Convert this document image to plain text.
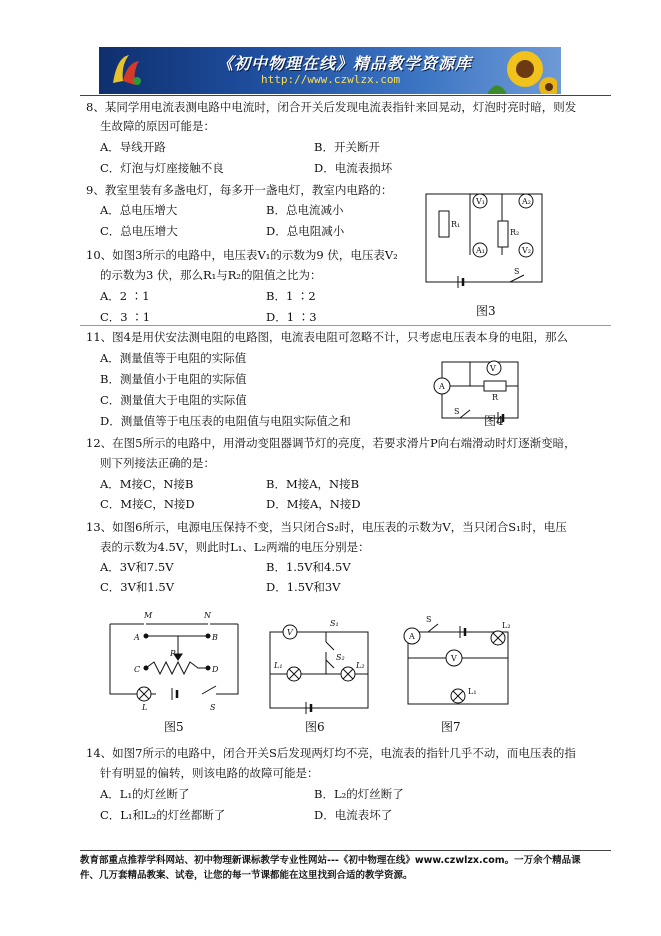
《初中物理在线》精品教学资源库
http://www.czwlzx.com
8、某同学用电流表测电路中电流时，闭合开关后发现电流表指针来回晃动，灯泡时亮时暗，则发
生故障的原因可能是：
A．导线开路	B．开关断开
C．灯泡与灯座接触不良	D．电流表损坏
9、教室里装有多盏电灯，每多开一盏电灯，教室内电路的：
A．总电压增大	B．总电流减小
C．总电压增大	D．总电阻减小
10、如图3所示的电路中，电压表V₁的示数为9 伏，电压表V₂
的示数为3 伏，那么R₁与R₂的阻值之比为：
A．2 ∶1	B．1 ∶2
C．3 ∶1	D．1 ∶3
V₁	A₂
R₁
R₂
A₁	V₂
S
图3
11、图4是用伏安法测电阻的电路图，电流表电阻可忽略不计，只考虑电压表本身的电阻，那么
A．测量值等于电阻的实际值
B．测量值小于电阻的实际值
C．测量值大于电阻的实际值
D．测量值等于电压表的电阻值与电阻实际值之和
A
V
R
S
图4
12、在图5所示的电路中，用滑动变阻器调节灯的亮度，若要求滑片P向右端滑动时灯逐渐变暗，
则下列接法正确的是：
A．M接C，N接B	B．M接A，N接B
C．M接C，N接D	D．M接A，N接D
13、如图6所示，电源电压保持不变，当只闭合S₂时，电压表的示数为V，当只闭合S₁时，电压
表的示数为4.5V，则此时L₁、L₂两端的电压分别是：
A．3V和7.5V	B．1.5V和4.5V
C．3V和1.5V	D．1.5V和3V
M	N
A	B
P
C	D
L	S
图5
V
S₁
S₂
L₁	L₂
图6
S
L₂
A
V
L₁
图7
14、如图7所示的电路中，闭合开关S后发现两灯均不亮，电流表的指针几乎不动，而电压表的指
针有明显的偏转，则该电路的故障可能是：
A．L₁的灯丝断了	B．L₂的灯丝断了
C．L₁和L₂的灯丝都断了	D．电流表坏了
教育部重点推荐学科网站、初中物理新课标教学专业性网站---《初中物理在线》www.czwlzx.com。一万余个精品课
件、几万套精品教案、试卷，让您的每一节课都能在这里找到合适的教学资源。
